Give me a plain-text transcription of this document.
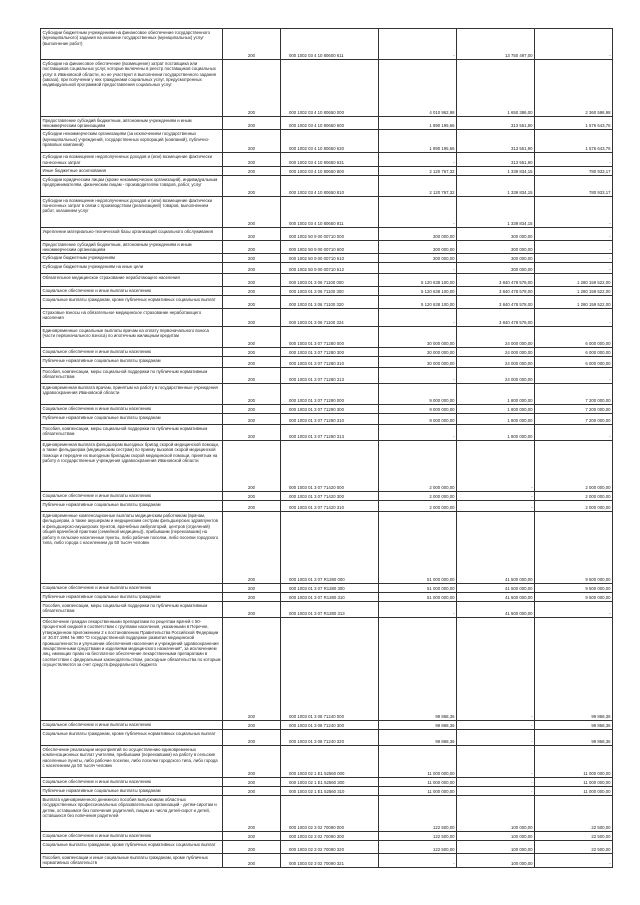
Субсидии бюджетным учреждениям на финансовое обеспечение государственного (муниципального) задания на оказание государственных (муниципальных) услуг (выполнение работ)	200	000 1002 03 4 10 80600 611	-	13 750 497,00	-
Субсидии на финансовое обеспечение (возмещение) затрат поставщика или поставщиков социальных услуг, которые включены в реестр поставщиков социальных услуг в Ивановской области, но не участвуют в выполнении государственного задания (заказа), при получении у них гражданами социальных услуг, предусмотренных индивидуальной программой предоставления социальных услуг	200	000 1002 03 4 10 80650 000	4 010 962,98	1 650 386,00	2 360 596,98
Предоставление субсидий бюджетным, автономным учреждениям и иным некоммерческим организациям	200	000 1002 03 4 10 80650 600	1 890 195,66	313 551,90	1 576 643,76
Субсидии некоммерческим организациям (за исключением государственных (муниципальных) учреждений, государственных корпораций (компаний), публично-правовых компаний)	200	000 1002 03 4 10 80650 630	1 890 195,66	313 551,90	1 576 643,76
Субсидии на возмещение недополученных доходов и (или) возмещение фактически понесенных затрат	200	000 1002 03 4 10 80650 631	-	313 551,90	-
Иные бюджетные ассигнования	200	000 1002 03 4 10 80650 800	2 120 767,32	1 339 834,15	780 933,17
Субсидии юридическим лицам (кроме некоммерческих организаций), индивидуальным предпринимателям, физическим лицам - производителям товаров, работ, услуг	200	000 1002 03 4 10 80650 810	2 120 767,32	1 339 834,15	780 933,17
Субсидии на возмещение недополученных доходов и (или) возмещение фактически понесенных затрат в связи с производством (реализацией) товаров, выполнением работ, оказанием услуг	200	000 1002 03 4 10 80650 811	-	1 339 834,15	-
Укрепление материально-технической базы организаций социального обслуживания	200	000 1002 50 9 00 00710 000	300 000,00	300 000,00	-
Предоставление субсидий бюджетным, автономным учреждениям и иным некоммерческим организациям	200	000 1002 50 9 00 00710 600	300 000,00	300 000,00	-
Субсидии бюджетным учреждениям	200	000 1002 50 9 00 00710 610	300 000,00	300 000,00	-
Субсидии бюджетным учреждениям на иные цели	200	000 1002 50 9 00 00710 612	-	300 000,00	-
Обязательное медицинское страхование неработающего населения	200	000 1003 01 3 06 71100 000	5 120 638 100,00	3 840 478 578,00	1 280 159 522,00
Социальное обеспечение и иные выплаты населению	200	000 1003 01 3 06 71100 300	5 120 638 100,00	3 840 478 578,00	1 280 159 522,00
Социальные выплаты гражданам, кроме публичных нормативных социальных выплат	200	000 1003 01 3 06 71100 320	5 120 638 100,00	3 840 478 578,00	1 280 159 522,00
Страховые взносы на обязательное медицинское страхование неработающего населения	200	000 1003 01 3 06 71100 324	-	3 840 478 578,00	-
Единовременные социальные выплаты врачам на оплату первоначального взноса (части первоначального взноса) по ипотечным жилищным кредитам	200	000 1003 01 3 07 71280 000	30 000 000,00	24 000 000,00	6 000 000,00
Социальное обеспечение и иные выплаты населению	200	000 1003 01 3 07 71280 300	30 000 000,00	24 000 000,00	6 000 000,00
Публичные нормативные социальные выплаты гражданам	200	000 1003 01 3 07 71280 310	30 000 000,00	24 000 000,00	6 000 000,00
Пособия, компенсации, меры социальной поддержки по публичным нормативным обязательствам	200	000 1003 01 3 07 71280 313	-	24 000 000,00	-
Единовременная выплата врачам, принятым на работу в государственные учреждения здравоохранения Ивановской области	200	000 1003 01 3 07 71290 000	9 000 000,00	1 800 000,00	7 200 000,00
Социальное обеспечение и иные выплаты населению	200	000 1003 01 3 07 71290 300	9 000 000,00	1 800 000,00	7 200 000,00
Публичные нормативные социальные выплаты гражданам	200	000 1003 01 3 07 71290 310	9 000 000,00	1 800 000,00	7 200 000,00
Пособия, компенсации, меры социальной поддержки по публичным нормативным обязательствам	200	000 1003 01 3 07 71290 313	-	1 800 000,00	-
Единовременная выплата фельдшерам выездных бригад скорой медицинской помощи, а также фельдшерам (медицинским сестрам) по приему вызовов скорой медицинской помощи и передаче их выездным бригадам скорой медицинской помощи, принятым на работу в государственные учреждения здравоохранения Ивановской области	200	000 1003 01 3 07 71420 000	2 000 000,00	-	2 000 000,00
Социальное обеспечение и иные выплаты населению	200	000 1003 01 3 07 71420 300	2 000 000,00	-	2 000 000,00
Публичные нормативные социальные выплаты гражданам	200	000 1003 01 3 07 71420 310	2 000 000,00	-	2 000 000,00
Единовременные компенсационные выплаты медицинским работникам (врачам, фельдшерам, а также акушеркам и медицинским сестрам фельдшерских здравпунктов и фельдшерско-акушерских пунктов, врачебных амбулаторий, центров (отделений) общей врачебной практики (семейной медицины)), прибывшим (переехавшим) на работу в сельские населенные пункты, либо рабочие поселки, либо поселки городского типа, либо города с населением до 50 тысяч человек	200	000 1003 01 3 07 R1380 000	51 000 000,00	41 500 000,00	9 500 000,00
Социальное обеспечение и иные выплаты населению	200	000 1003 01 3 07 R1380 300	51 000 000,00	41 500 000,00	9 500 000,00
Публичные нормативные социальные выплаты гражданам	200	000 1003 01 3 07 R1380 310	51 000 000,00	41 500 000,00	9 500 000,00
Пособия, компенсации, меры социальной поддержки по публичным нормативным обязательствам	200	000 1003 01 3 07 R1380 313	-	41 500 000,00	-
Обеспечение граждан лекарственными препаратами по рецептам врачей с 50-процентной скидкой в соответствии с группами населения, указанными в Перечне, утвержденном приложением 2 к постановлению Правительства Российской Федерации от 30.07.1994 № 890 "О государственной поддержке развития медицинской промышленности и улучшении обеспечения населения и учреждений здравоохранения лекарственными средствами и изделиями медицинского назначения", за исключением лиц, имеющих право на бесплатное обеспечение лекарственными препаратами в соответствии с федеральным законодательством, расходные обязательства по которым осуществляются за счет средств федерального бюджета	200	000 1003 01 3 08 71240 000	99 868,36	-	99 868,36
Социальное обеспечение и иные выплаты населению	200	000 1003 01 3 08 71240 300	99 868,36	-	99 868,36
Социальные выплаты гражданам, кроме публичных нормативных социальных выплат	200	000 1003 01 3 08 71240 320	99 868,36	-	99 868,36
Обеспечение реализации мероприятий по осуществлению единовременных компенсационных выплат учителям, прибывшим (переехавшим) на работу в сельские населенные пункты, либо рабочие поселки, либо поселки городского типа, либо города с населением до 50 тысяч человек	200	000 1003 02 1 E1 52560 000	11 000 000,00	-	11 000 000,00
Социальное обеспечение и иные выплаты населению	200	000 1003 02 1 E1 52560 300	11 000 000,00	-	11 000 000,00
Публичные нормативные социальные выплаты гражданам	200	000 1003 02 1 E1 52560 310	11 000 000,00	-	11 000 000,00
Выплата единовременного денежного пособия выпускникам областных государственных профессиональных образовательных организаций - детям-сиротам и детям, оставшимся без попечения родителей, лицам из числа детей-сирот и детей, оставшихся без попечения родителей	200	000 1003 02 3 02 70090 000	122 500,00	100 000,00	22 500,00
Социальное обеспечение и иные выплаты населению	200	000 1003 02 3 02 70090 300	122 500,00	100 000,00	22 500,00
Социальные выплаты гражданам, кроме публичных нормативных социальных выплат	200	000 1003 02 3 02 70090 320	122 500,00	100 000,00	22 500,00
Пособия, компенсации и иные социальные выплаты гражданам, кроме публичных нормативных обязательств	200	000 1003 02 3 02 70090 321	-	100 000,00	-
